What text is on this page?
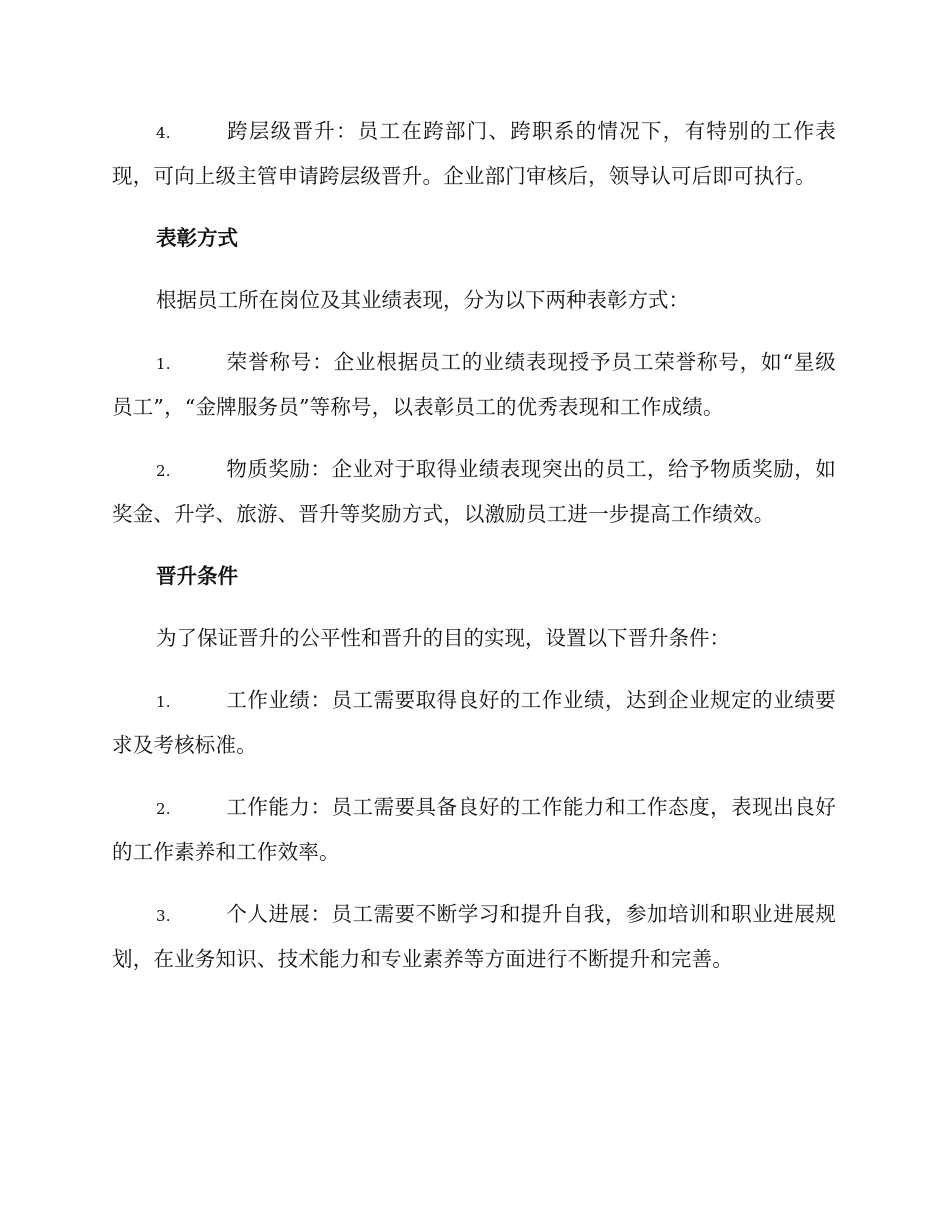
4.	跨层级晋升：员工在跨部门、跨职系的情况下，有特别的工作表现，可向上级主管申请跨层级晋升。企业部门审核后，领导认可后即可执行。

表彰方式

根据员工所在岗位及其业绩表现，分为以下两种表彰方式：

1.	荣誉称号：企业根据员工的业绩表现授予员工荣誉称号，如“星级员工”，“金牌服务员”等称号，以表彰员工的优秀表现和工作成绩。

2.	物质奖励：企业对于取得业绩表现突出的员工，给予物质奖励，如奖金、升学、旅游、晋升等奖励方式，以激励员工进一步提高工作绩效。

晋升条件

为了保证晋升的公平性和晋升的目的实现，设置以下晋升条件：

1.	工作业绩：员工需要取得良好的工作业绩，达到企业规定的业绩要求及考核标准。

2.	工作能力：员工需要具备良好的工作能力和工作态度，表现出良好的工作素养和工作效率。

3.	个人进展：员工需要不断学习和提升自我，参加培训和职业进展规划，在业务知识、技术能力和专业素养等方面进行不断提升和完善。
